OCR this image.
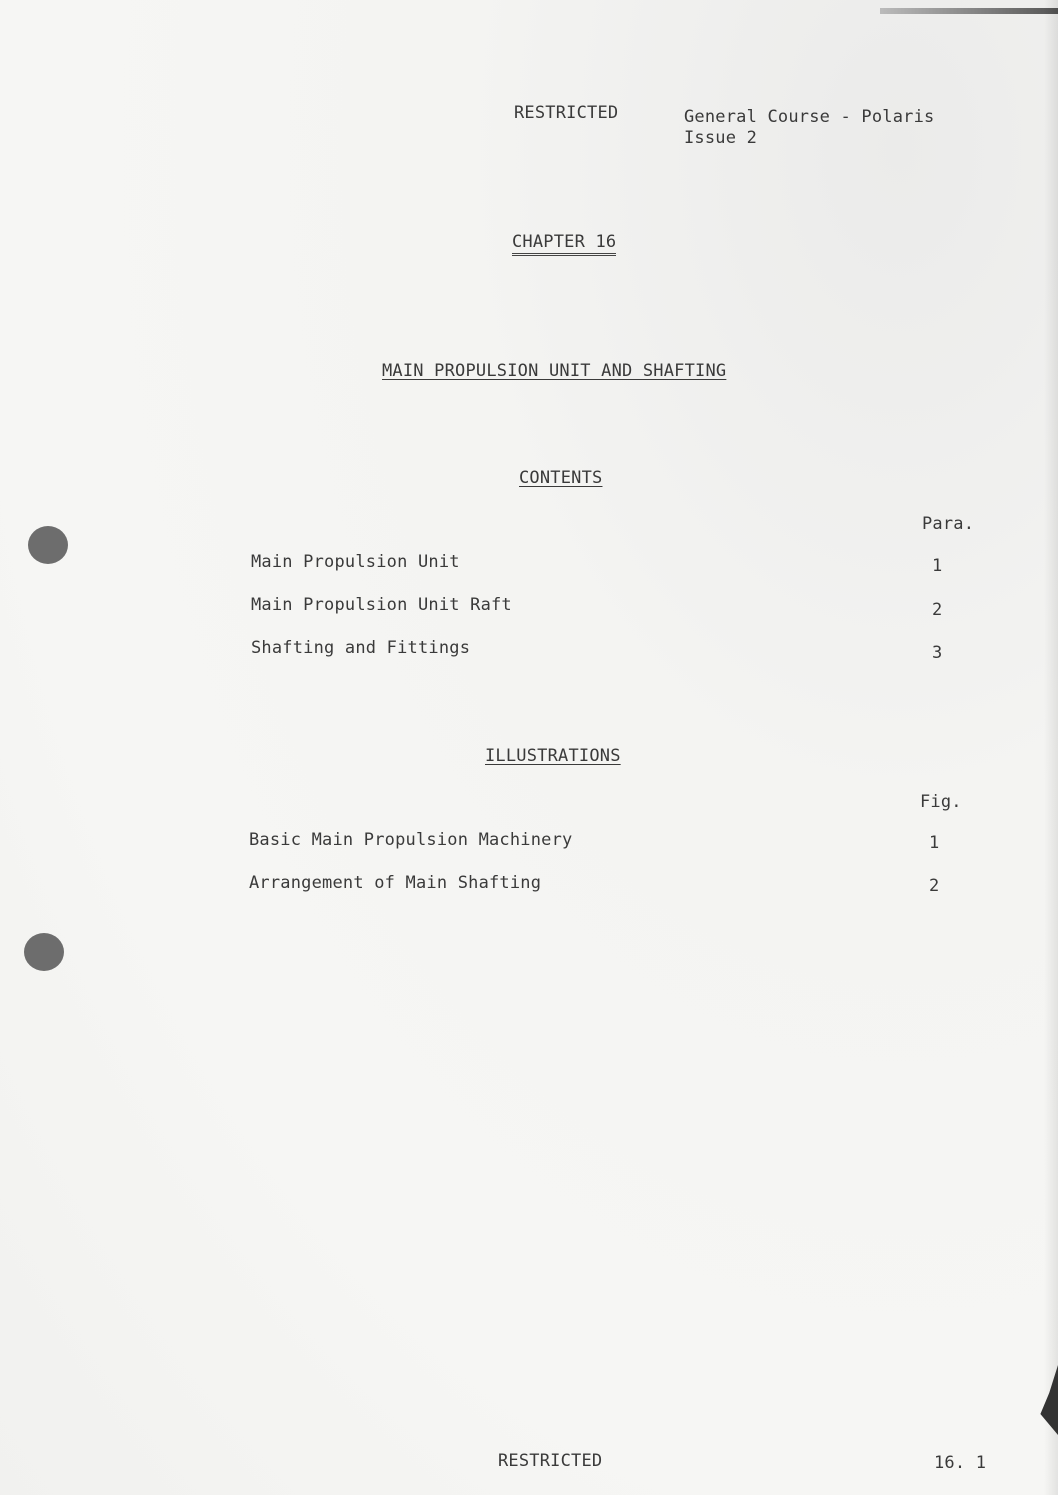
RESTRICTED	General Course - Polaris
Issue 2
CHAPTER 16
MAIN PROPULSION UNIT AND SHAFTING
CONTENTS
Para.
Main Propulsion Unit	1
Main Propulsion Unit Raft	2
Shafting and Fittings	3
ILLUSTRATIONS
Fig.
Basic Main Propulsion Machinery	1
Arrangement of Main Shafting	2
RESTRICTED	16. 1
